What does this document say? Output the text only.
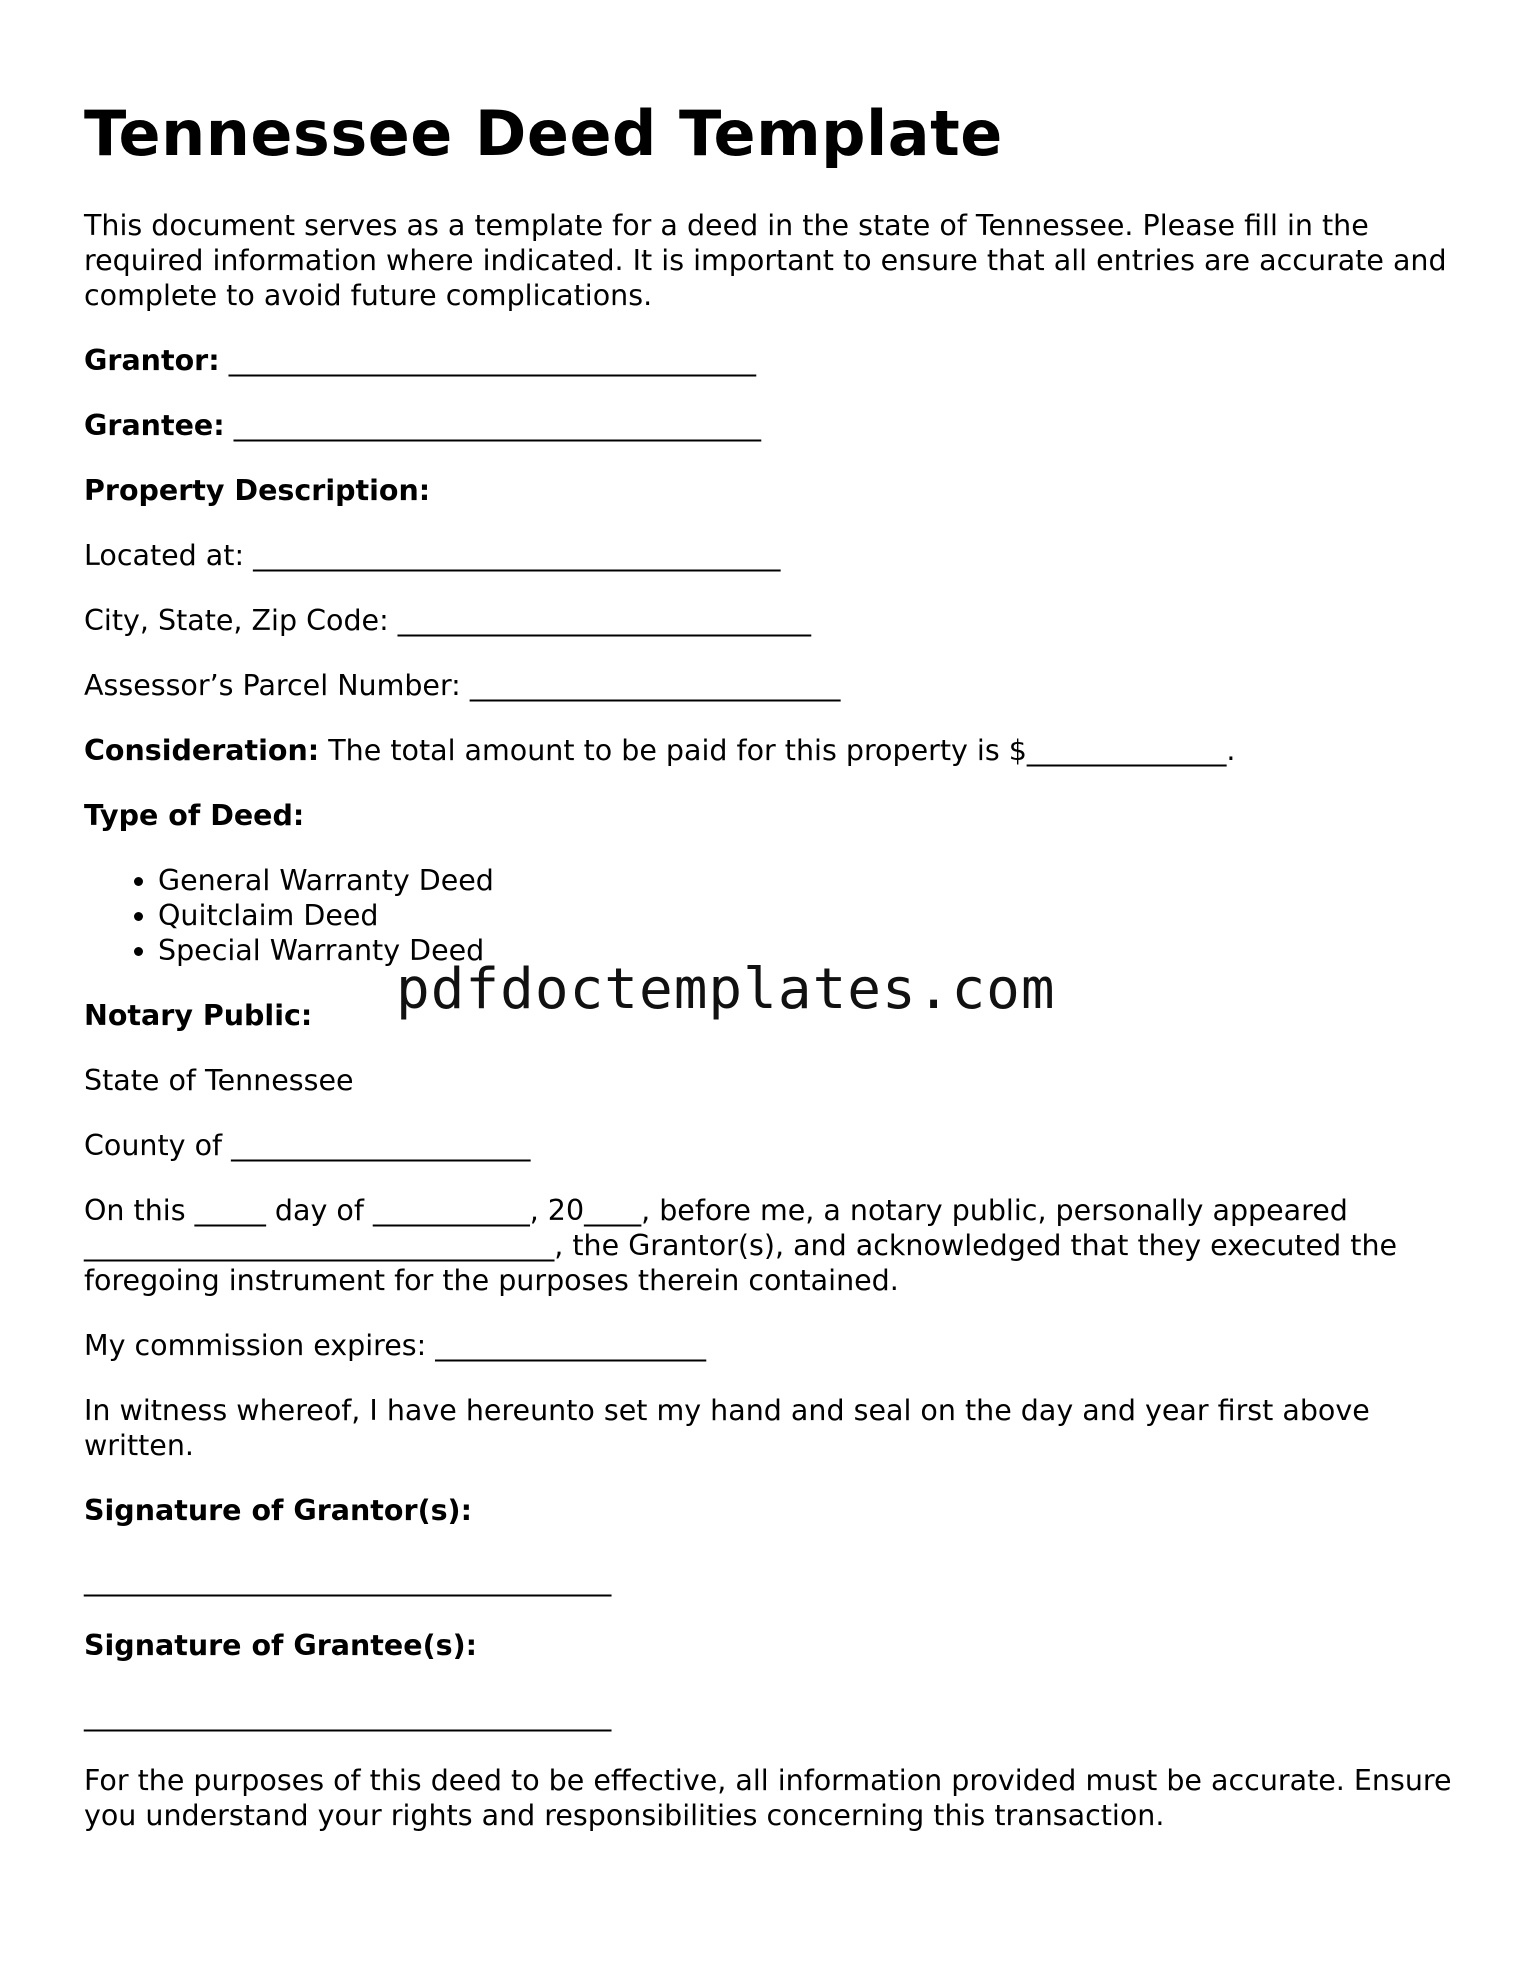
Tennessee Deed Template

This document serves as a template for a deed in the state of Tennessee. Please fill in the required information where indicated. It is important to ensure that all entries are accurate and complete to avoid future complications.

Grantor: _____________________________________

Grantee: _____________________________________

Property Description:

Located at: _____________________________________

City, State, Zip Code: _____________________________

Assessor’s Parcel Number: __________________________

Consideration: The total amount to be paid for this property is $______________.

Type of Deed:

• General Warranty Deed
• Quitclaim Deed
• Special Warranty Deed

Notary Public:

State of Tennessee

County of _____________________

On this _____ day of ___________, 20____, before me, a notary public, personally appeared _________________________________, the Grantor(s), and acknowledged that they executed the foregoing instrument for the purposes therein contained.

My commission expires: ___________________

In witness whereof, I have hereunto set my hand and seal on the day and year first above written.

Signature of Grantor(s):

_____________________________________

Signature of Grantee(s):

_____________________________________

For the purposes of this deed to be effective, all information provided must be accurate. Ensure you understand your rights and responsibilities concerning this transaction.

pdfdoctemplates.com
